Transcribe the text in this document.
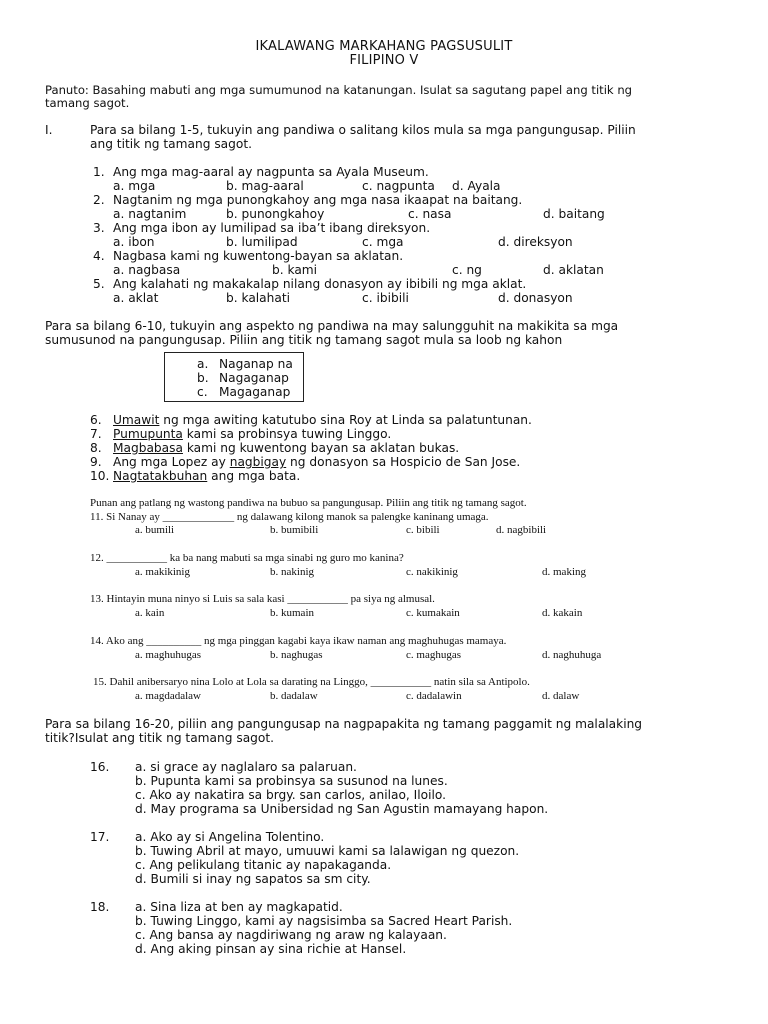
IKALAWANG MARKAHANG PAGSUSULIT
FILIPINO V
Panuto: Basahing mabuti ang mga sumumunod na katanungan. Isulat sa sagutang papel ang titik ng
tamang sagot.
I.	Para sa bilang 1-5, tukuyin ang pandiwa o salitang kilos mula sa mga pangungusap. Piliin
ang titik ng tamang sagot.
1. Ang mga mag-aaral ay nagpunta sa Ayala Museum.
a. mga	b. mag-aaral	c. nagpunta d. Ayala
2. Nagtanim ng mga punongkahoy ang mga nasa ikaapat na baitang.
a. nagtanim	b. punongkahoy	c. nasa	d. baitang
3. Ang mga ibon ay lumilipad sa iba’t ibang direksyon.
a. ibon	b. lumilipad	c. mga	d. direksyon
4. Nagbasa kami ng kuwentong-bayan sa aklatan.
a. nagbasa	b. kami	c. ng	d. aklatan
5. Ang kalahati ng makakalap nilang donasyon ay ibibili ng mga aklat.
a. aklat	b. kalahati	c. ibibili	d. donasyon
Para sa bilang 6-10, tukuyin ang aspekto ng pandiwa na may salungguhit na makikita sa mga
sumusunod na pangungusap. Piliin ang titik ng tamang sagot mula sa loob ng kahon
a. Naganap na
b. Nagaganap
c. Magaganap
6. Umawit ng mga awiting katutubo sina Roy at Linda sa palatuntunan.
7. Pumupunta kami sa probinsya tuwing Linggo.
8. Magbabasa kami ng kuwentong bayan sa aklatan bukas.
9. Ang mga Lopez ay nagbigay ng donasyon sa Hospicio de San Jose.
10. Nagtatakbuhan ang mga bata.
Punan ang patlang ng wastong pandiwa na bubuo sa pangungusap. Piliin ang titik ng tamang sagot.
11. Si Nanay ay _____________ ng dalawang kilong manok sa palengke kaninang umaga.
a. bumili	b. bumibili	c. bibili	d. nagbibili
12. ___________ ka ba nang mabuti sa mga sinabi ng guro mo kanina?
a. makikinig	b. nakinig	c. nakikinig	d. making
13. Hintayin muna ninyo si Luis sa sala kasi ___________ pa siya ng almusal.
a. kain	b. kumain	c. kumakain	d. kakain
14. Ako ang __________ ng mga pinggan kagabi kaya ikaw naman ang maghuhugas mamaya.
a. maghuhugas	b. naghugas	c. maghugas	d. naghuhuga
15. Dahil anibersaryo nina Lolo at Lola sa darating na Linggo, ___________ natin sila sa Antipolo.
a. magdadalaw	b. dadalaw	c. dadalawin	d. dalaw
Para sa bilang 16-20, piliin ang pangungusap na nagpapakita ng tamang paggamit ng malalaking
titik?Isulat ang titik ng tamang sagot.
16. a. si grace ay naglalaro sa palaruan.
b. Pupunta kami sa probinsya sa susunod na lunes.
c. Ako ay nakatira sa brgy. san carlos, anilao, Iloilo.
d. May programa sa Unibersidad ng San Agustin mamayang hapon.
17. a. Ako ay si Angelina Tolentino.
b. Tuwing Abril at mayo, umuuwi kami sa lalawigan ng quezon.
c. Ang pelikulang titanic ay napakaganda.
d. Bumili si inay ng sapatos sa sm city.
18. a. Sina liza at ben ay magkapatid.
b. Tuwing Linggo, kami ay nagsisimba sa Sacred Heart Parish.
c. Ang bansa ay nagdiriwang ng araw ng kalayaan.
d. Ang aking pinsan ay sina richie at Hansel.
